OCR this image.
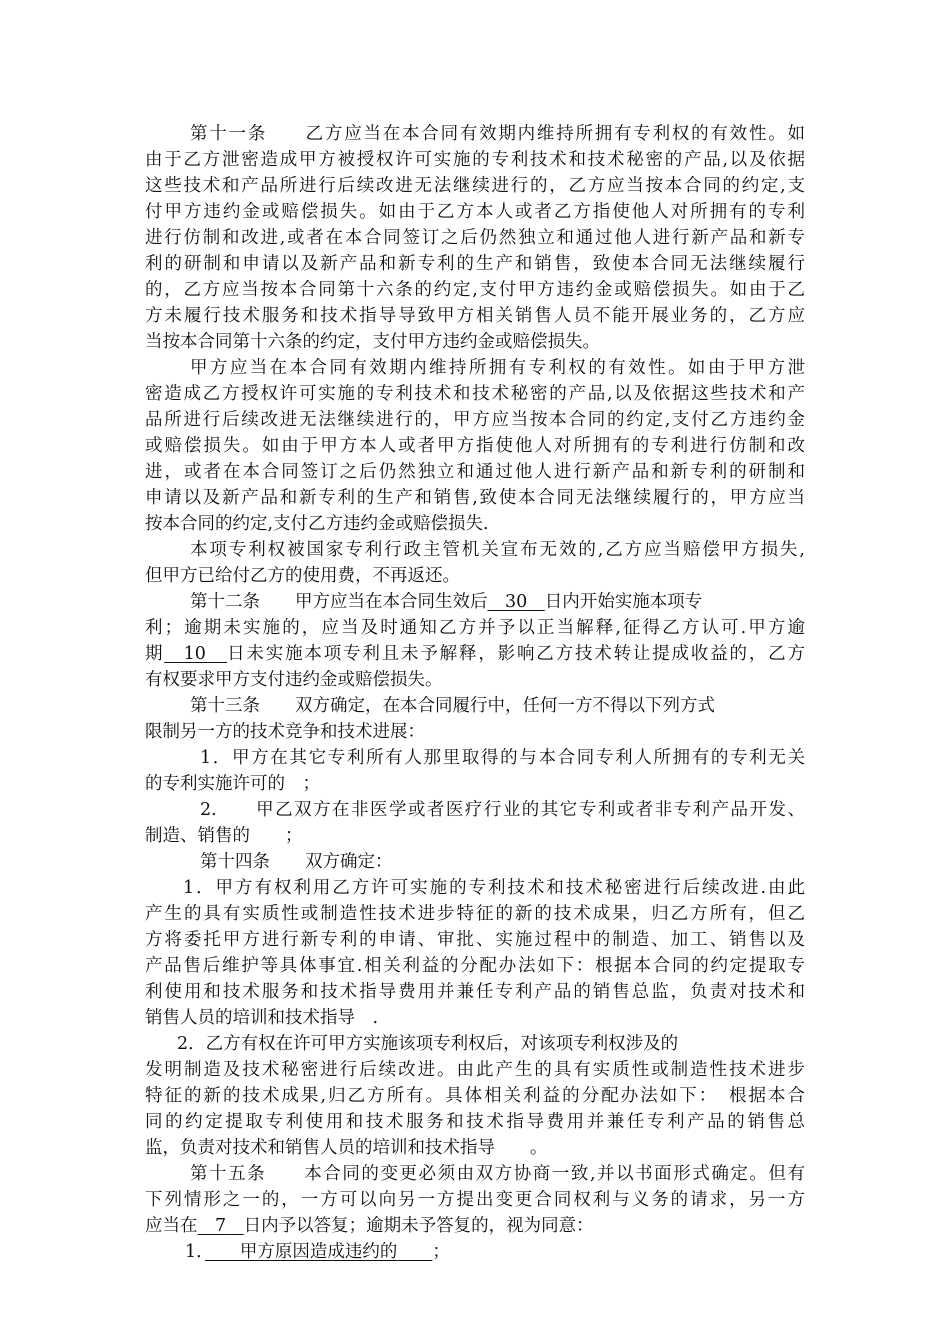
第十一条　　乙方应当在本合同有效期内维持所拥有专利权的有效性。如
由于乙方泄密造成甲方被授权许可实施的专利技术和技术秘密的产品,以及依据
这些技术和产品所进行后续改进无法继续进行的，乙方应当按本合同的约定,支
付甲方违约金或赔偿损失。如由于乙方本人或者乙方指使他人对所拥有的专利
进行仿制和改进,或者在本合同签订之后仍然独立和通过他人进行新产品和新专
利的研制和申请以及新产品和新专利的生产和销售，致使本合同无法继续履行
的，乙方应当按本合同第十六条的约定,支付甲方违约金或赔偿损失。如由于乙
方未履行技术服务和技术指导导致甲方相关销售人员不能开展业务的，乙方应
当按本合同第十六条的约定，支付甲方违约金或赔偿损失。
甲方应当在本合同有效期内维持所拥有专利权的有效性。如由于甲方泄
密造成乙方授权许可实施的专利技术和技术秘密的产品,以及依据这些技术和产
品所进行后续改进无法继续进行的，甲方应当按本合同的约定,支付乙方违约金
或赔偿损失。如由于甲方本人或者甲方指使他人对所拥有的专利进行仿制和改
进，或者在本合同签订之后仍然独立和通过他人进行新产品和新专利的研制和
申请以及新产品和新专利的生产和销售,致使本合同无法继续履行的，甲方应当
按本合同的约定,支付乙方违约金或赔偿损失.
本项专利权被国家专利行政主管机关宣布无效的,乙方应当赔偿甲方损失,
但甲方已给付乙方的使用费，不再返还。
第十二条　　甲方应当在本合同生效后　 30　 日内开始实施本项专
利；逾期未实施的，应当及时通知乙方并予以正当解释,征得乙方认可.甲方逾
期　 10　 日未实施本项专利且未予解释，影响乙方技术转让提成收益的，乙方
有权要求甲方支付违约金或赔偿损失。
第十三条　　双方确定，在本合同履行中，任何一方不得以下列方式
限制另一方的技术竞争和技术进展：
1．甲方在其它专利所有人那里取得的与本合同专利人所拥有的专利无关
的专利实施许可的　；
2.　　甲乙双方在非医学或者医疗行业的其它专利或者非专利产品开发、
制造、销售的　　；
第十四条　　双方确定：
1．甲方有权利用乙方许可实施的专利技术和技术秘密进行后续改进.由此
产生的具有实质性或制造性技术进步特征的新的技术成果，归乙方所有，但乙
方将委托甲方进行新专利的申请、审批、实施过程中的制造、加工、销售以及
产品售后维护等具体事宜.相关利益的分配办法如下：根据本合同的约定提取专
利使用和技术服务和技术指导费用并兼任专利产品的销售总监，负责对技术和
销售人员的培训和技术指导　.
2．乙方有权在许可甲方实施该项专利权后，对该项专利权涉及的
发明制造及技术秘密进行后续改进。由此产生的具有实质性或制造性技术进步
特征的新的技术成果,归乙方所有。具体相关利益的分配办法如下：　根据本合
同的约定提取专利使用和技术服务和技术指导费用并兼任专利产品的销售总
监，负责对技术和销售人员的培训和技术指导　　。
第十五条　　本合同的变更必须由双方协商一致,并以书面形式确定。但有
下列情形之一的，一方可以向另一方提出变更合同权利与义务的请求，另一方
应当在　 7　 日内予以答复；逾期未予答复的，视为同意：
1．　　 甲方原因造成违约的　　 ；
